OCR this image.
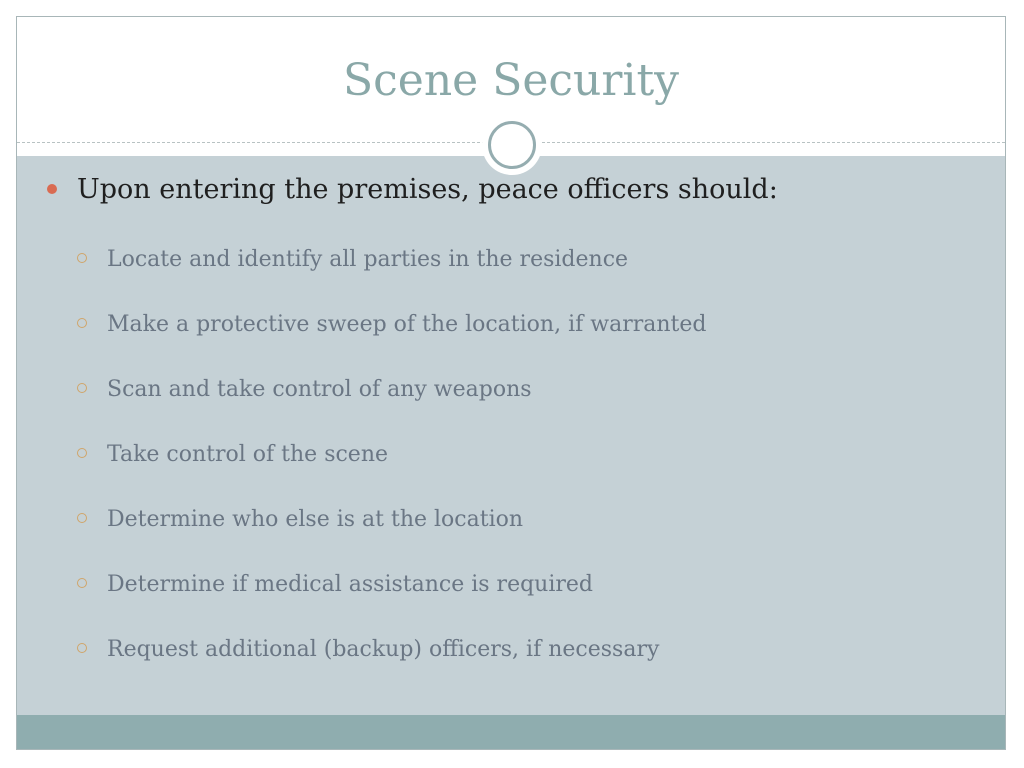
Scene Security
Upon entering the premises, peace officers should:
Locate and identify all parties in the residence
Make a protective sweep of the location, if warranted
Scan and take control of any weapons
Take control of the scene
Determine who else is at the location
Determine if medical assistance is required
Request additional (backup) officers, if necessary
